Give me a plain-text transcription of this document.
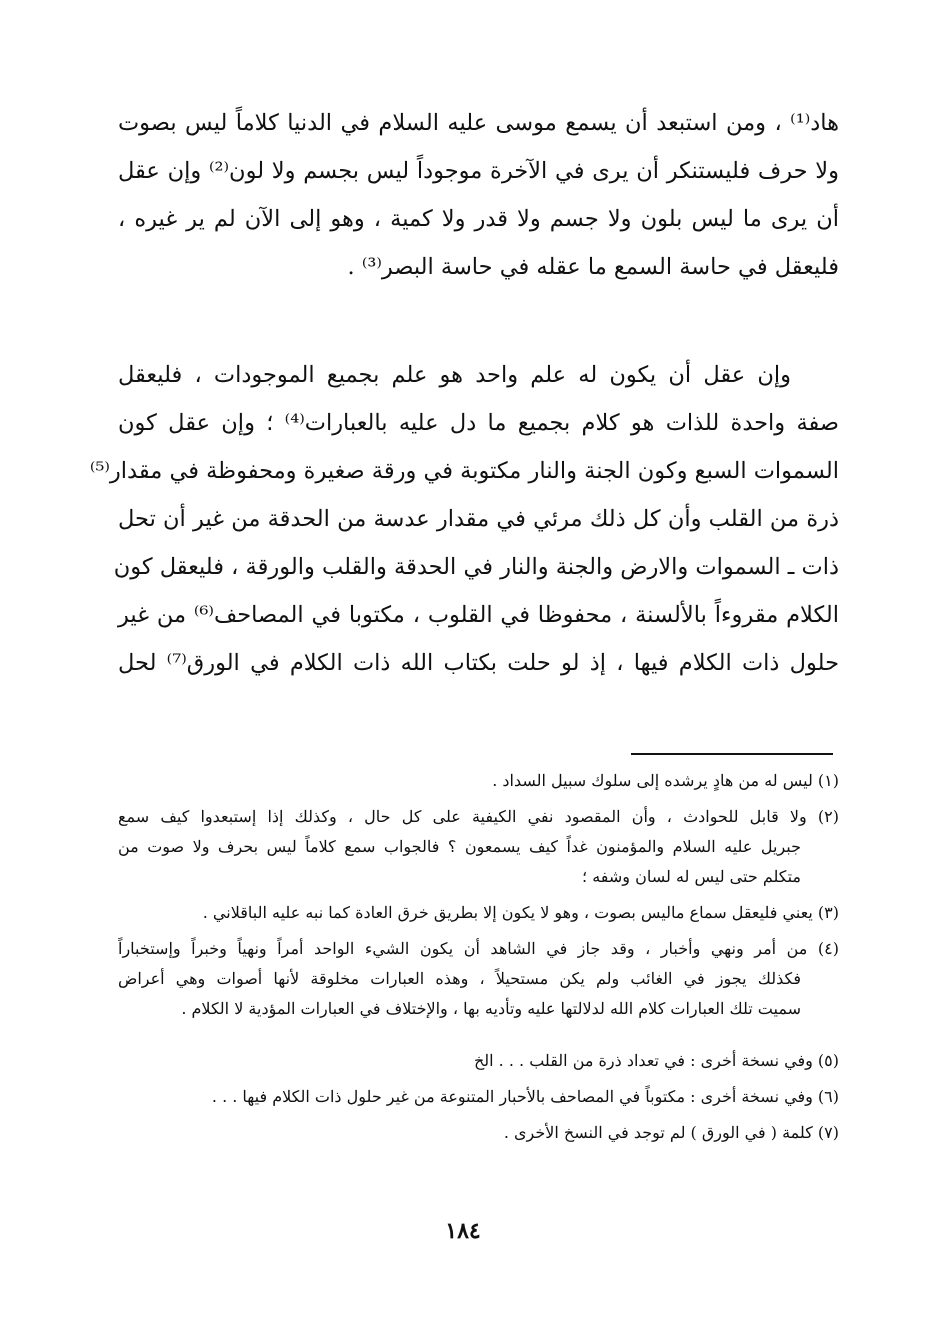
هاد⁽¹⁾ ، ومن استبعد أن يسمع موسى عليه السلام في الدنيا كلاماً ليس بصوت
ولا حرف فليستنكر أن يرى في الآخرة موجوداً ليس بجسم ولا لون⁽²⁾ وإن عقل
أن يرى ما ليس بلون ولا جسم ولا قدر ولا كمية ، وهو إلى الآن لم ير غيره ،
فليعقل في حاسة السمع ما عقله في حاسة البصر⁽³⁾ .
وإن عقل أن يكون له علم واحد هو علم بجميع الموجودات ، فليعقل
صفة واحدة للذات هو كلام بجميع ما دل عليه بالعبارات⁽⁴⁾ ؛ وإن عقل كون
السموات السبع وكون الجنة والنار مكتوبة في ورقة صغيرة ومحفوظة في مقدار⁽⁵⁾
ذرة من القلب وأن كل ذلك مرئي في مقدار عدسة من الحدقة من غير أن تحل
ذات ـ السموات والارض والجنة والنار في الحدقة والقلب والورقة ، فليعقل كون
الكلام مقروءاً بالألسنة ، محفوظا في القلوب ، مكتوبا في المصاحف⁽⁶⁾ من غير
حلول ذات الكلام فيها ، إذ لو حلت بكتاب الله ذات الكلام في الورق⁽⁷⁾ لحل
(١) ليس له من هادٍ يرشده إلى سلوك سبيل السداد .
(٢) ولا قابل للحوادث ، وأن المقصود نفي الكيفية على كل حال ، وكذلك إذا إستبعدوا كيف سمع
جبريل عليه السلام والمؤمنون غداً كيف يسمعون ؟ فالجواب سمع كلاماً ليس بحرف ولا صوت من
متكلم حتى ليس له لسان وشفه ؛
(٣) يعني فليعقل سماع ماليس بصوت ، وهو لا يكون إلا بطريق خرق العادة كما نبه عليه الباقلاني .
(٤) من أمر ونهي وأخبار ، وقد جاز في الشاهد أن يكون الشيء الواحد أمراً ونهياً وخبراً وإستخباراً
فكذلك يجوز في الغائب ولم يكن مستحيلاً ، وهذه العبارات مخلوقة لأنها أصوات وهي أعراض
سميت تلك العبارات كلام الله لدلالتها عليه وتأديه بها ، والإختلاف في العبارات المؤدية لا الكلام .
(٥) وفي نسخة أخرى : في تعداد ذرة من القلب . . . الخ
(٦) وفي نسخة أخرى : مكتوباً في المصاحف بالأحبار المتنوعة من غير حلول ذات الكلام فيها . . .
(٧) كلمة ( في الورق ) لم توجد في النسخ الأخرى .
١٨٤
